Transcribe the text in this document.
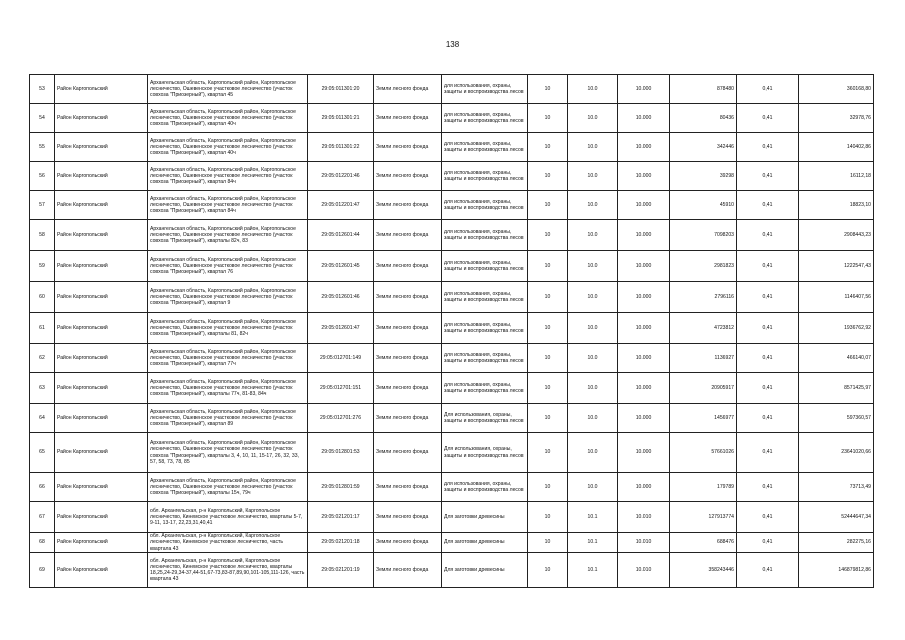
138
53	Район Каргопольский	Архангельская область, Каргопольский район, Каргопольское лесничество, Ошевенское участковое лесничество (участок совхоза "Приозерный"), квартал 45	29:05:011301:20	Земли лесного фонда	для использования, охраны, защиты и воспроизводства лесов	10	10.0	10.000	878480	0,41	360168,80
54	Район Каргопольский	Архангельская область, Каргопольский район, Каргопольское лесничество, Ошевенское участковое лесничество (участок совхоза "Приозерный"), квартал 40ч	29:05:011301:21	Земли лесного фонда	для использования, охраны, защиты и воспроизводства лесов	10	10.0	10.000	80436	0,41	32978,76
55	Район Каргопольский	Архангельская область, Каргопольский район, Каргопольское лесничество, Ошевенское участковое лесничество (участок совхоза "Приозерный"), квартал 40ч	29:05:011301:22	Земли лесного фонда	для использования, охраны, защиты и воспроизводства лесов	10	10.0	10.000	342446	0,41	140402,86
56	Район Каргопольский	Архангельская область, Каргопольский район, Каргопольское лесничество, Ошевенское участковое лесничество (участок совхоза "Приозерный"), квартал 84ч	29:05:012201:46	Земли лесного фонда	для использования, охраны, защиты и воспроизводства лесов	10	10.0	10.000	39298	0,41	16112,18
57	Район Каргопольский	Архангельская область, Каргопольский район, Каргопольское лесничество, Ошевенское участковое лесничество (участок совхоза "Приозерный"), квартал 84ч	29:05:012201:47	Земли лесного фонда	для использования, охраны, защиты и воспроизводства лесов	10	10.0	10.000	45910	0,41	18823,10
58	Район Каргопольский	Архангельская область, Каргопольский район, Каргопольское лесничество, Ошевенское участковое лесничество (участок совхоза "Приозерный"), кварталы 82ч, 83	29:05:012601:44	Земли лесного фонда	для использования, охраны, защиты и воспроизводства лесов	10	10.0	10.000	7098203	0,41	2908443,23
59	Район Каргопольский	Архангельская область, Каргопольский район, Каргопольское лесничество, Ошевенское участковое лесничество (участок совхоза "Приозерный"), квартал 76	29:05:012601:45	Земли лесного фонда	для использования, охраны, защиты и воспроизводства лесов	10	10.0	10.000	2981823	0,41	1222547,43
60	Район Каргопольский	Архангельская область, Каргопольский район, Каргопольское лесничество, Ошевенское участковое лесничество (участок совхоза "Приозерный"), квартал 9	29:05:012601:46	Земли лесного фонда	для использования, охраны, защиты и воспроизводства лесов	10	10.0	10.000	2796116	0,41	1146407,56
61	Район Каргопольский	Архангельская область, Каргопольский район, Каргопольское лесничество, Ошевенское участковое лесничество (участок совхоза "Приозерный"), кварталы 81, 82ч	29:05:012601:47	Земли лесного фонда	для использования, охраны, защиты и воспроизводства лесов	10	10.0	10.000	4723812	0,41	1936762,92
62	Район Каргопольский	Архангельская область, Каргопольский район, Каргопольское лесничество, Ошевенское участковое лесничество (участок совхоза "Приозерный"), квартал 77ч	29:05:012701:149	Земли лесного фонда	для использования, охраны, защиты и воспроизводства лесов	10	10.0	10.000	1136927	0,41	466140,07
63	Район Каргопольский	Архангельская область, Каргопольский район, Каргопольское лесничество, Ошевенское участковое лесничество (участок совхоза "Приозерный"), кварталы 77ч, 81-83, 84ч	29:05:012701:151	Земли лесного фонда	для использования, охраны, защиты и воспроизводства лесов	10	10.0	10.000	20905917	0,41	8571425,97
64	Район Каргопольский	Архангельская область, Каргопольский район, Каргопольское лесничество, Ошевенское участковое лесничество (участок совхоза "Приозерный"), квартал 89	29:05:012701:276	Земли лесного фонда	Для использования, охраны, защиты и воспроизводства лесов	10	10.0	10.000	1456977	0,41	597360,57
65	Район Каргопольский	Архангельская область, Каргопольский район, Каргопольское лесничество, Ошевенское участковое лесничество (участок совхоза "Приозерный"), кварталы 3, 4, 10, 11, 15-17, 26, 32, 33, 57, 58, 73, 78, 85	29:05:012801:53	Земли лесного фонда	Для использования, охраны, защиты и воспроизводства лесов	10	10.0	10.000	57661026	0,41	23641020,66
66	Район Каргопольский	Архангельская область, Каргопольский район, Каргопольское лесничество, Ошевенское участковое лесничество (участок совхоза "Приозерный"), кварталы 15ч, 79ч	29:05:012801:59	Земли лесного фонда	для использования, охраны, защиты и воспроизводства лесов	10	10.0	10.000	179789	0,41	73713,49
67	Район Каргопольский	обл. Архангельская, р-н Каргопольский, Каргопольское лесничество, Кинемское участковое лесничество, кварталы 5-7, 9-11, 13-17, 22,23,31,40,41	29:05:021201:17	Земли лесного фонда	Для заготовки древесины	10	10.1	10.010	127913774	0,41	52444647,34
68	Район Каргопольский	обл. Архангельская, р-н Каргопольский, Каргопольское лесничество, Кинемское участковое лесничество, часть квартала 43	29:05:021201:18	Земли лесного фонда	Для заготовки древесины	10	10.1	10.010	688476	0,41	282275,16
69	Район Каргопольский	обл. Архангельская, р-н Каргопольский, Каргопольское лесничество, Кинемское участковое лесничество, кварталы 18,25,24-29,34-37,44-51,67-73,83-87,89,90,101-105,111-126, часть квартала 43	29:05:021201:19	Земли лесного фонда	Для заготовки древесины	10	10.1	10.010	358243446	0,41	146879812,86
